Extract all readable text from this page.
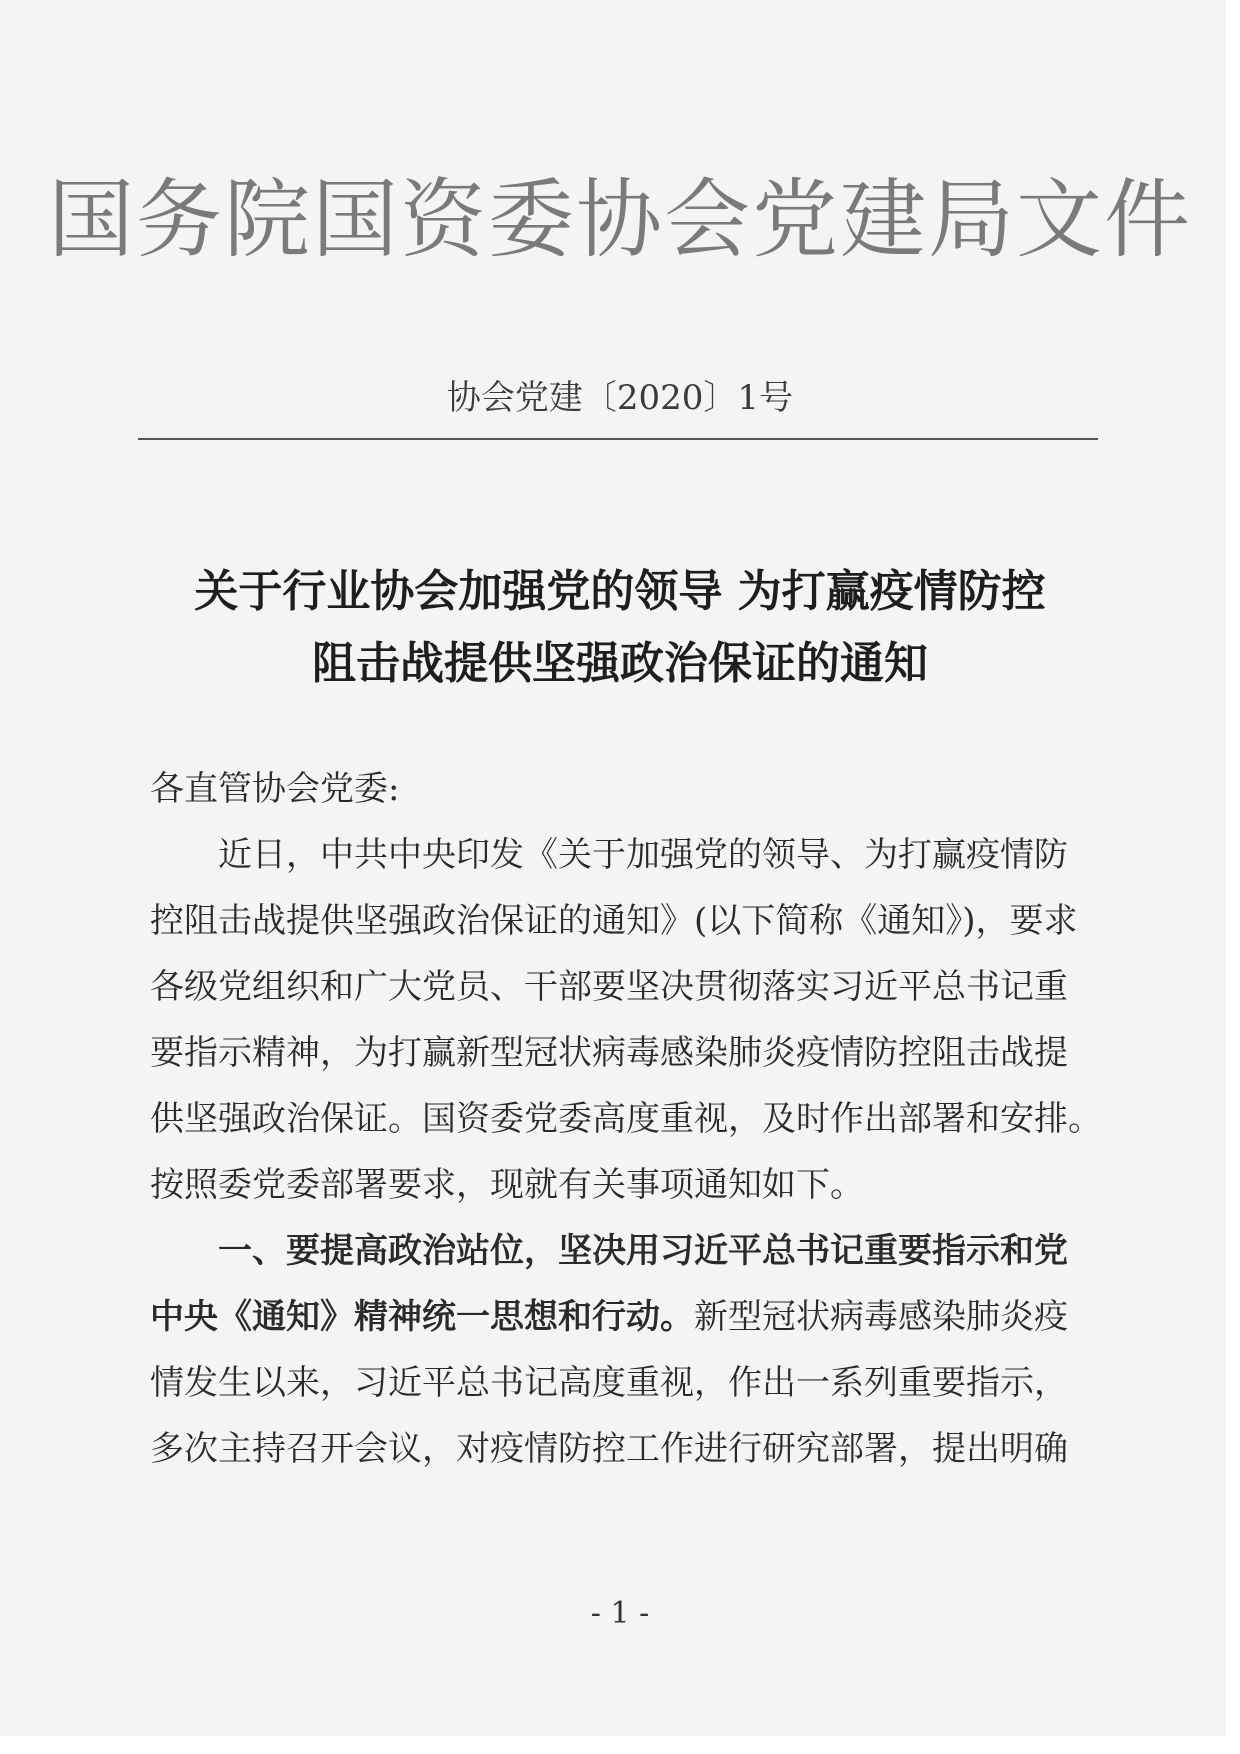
国务院国资委协会党建局文件
协会党建〔2020〕1号
关于行业协会加强党的领导 为打赢疫情防控
阻击战提供坚强政治保证的通知
各直管协会党委:
近日，中共中央印发《关于加强党的领导、为打赢疫情防
控阻击战提供坚强政治保证的通知》(以下简称《通知》)，要求
各级党组织和广大党员、干部要坚决贯彻落实习近平总书记重
要指示精神，为打赢新型冠状病毒感染肺炎疫情防控阻击战提
供坚强政治保证。国资委党委高度重视，及时作出部署和安排。
按照委党委部署要求，现就有关事项通知如下。
一、要提高政治站位，坚决用习近平总书记重要指示和党
中央《通知》精神统一思想和行动。新型冠状病毒感染肺炎疫
情发生以来，习近平总书记高度重视，作出一系列重要指示，
多次主持召开会议，对疫情防控工作进行研究部署，提出明确
- 1 -
